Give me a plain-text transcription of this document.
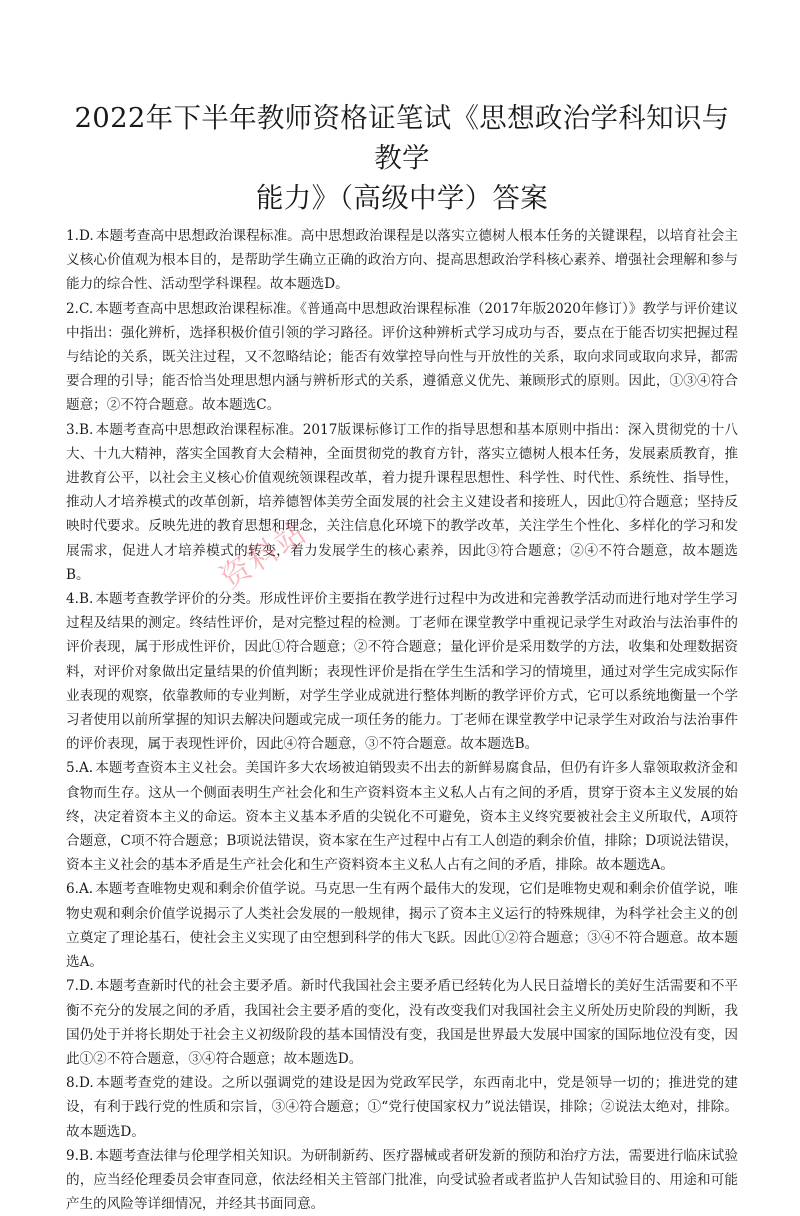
2022年下半年教师资格证笔试《思想政治学科知识与教学
能力》（高级中学）答案

1.D. 本题考查高中思想政治课程标准。高中思想政治课程是以落实立德树人根本任务的关键课程，以培育社会主义核心价值观为根本目的，是帮助学生确立正确的政治方向、提高思想政治学科核心素养、增强社会理解和参与能力的综合性、活动型学科课程。故本题选D。

2.C. 本题考查高中思想政治课程标准。《普通高中思想政治课程标准（2017年版2020年修订）》教学与评价建议中指出：强化辨析，选择积极价值引领的学习路径。评价这种辨析式学习成功与否，要点在于能否切实把握过程与结论的关系，既关注过程，又不忽略结论；能否有效掌控导向性与开放性的关系，取向求同或取向求异，都需要合理的引导；能否恰当处理思想内涵与辨析形式的关系，遵循意义优先、兼顾形式的原则。因此，①③④符合题意；②不符合题意。故本题选C。

3.B. 本题考查高中思想政治课程标准。2017版课标修订工作的指导思想和基本原则中指出：深入贯彻党的十八大、十九大精神，落实全国教育大会精神，全面贯彻党的教育方针，落实立德树人根本任务，发展素质教育，推进教育公平，以社会主义核心价值观统领课程改革，着力提升课程思想性、科学性、时代性、系统性、指导性，推动人才培养模式的改革创新，培养德智体美劳全面发展的社会主义建设者和接班人，因此①符合题意；坚持反映时代要求。反映先进的教育思想和理念，关注信息化环境下的教学改革，关注学生个性化、多样化的学习和发展需求，促进人才培养模式的转变，着力发展学生的核心素养，因此③符合题意；②④不符合题意，故本题选B。

4.B. 本题考查教学评价的分类。形成性评价主要指在教学进行过程中为改进和完善教学活动而进行地对学生学习过程及结果的测定。终结性评价，是对完整过程的检测。丁老师在课堂教学中重视记录学生对政治与法治事件的评价表现，属于形成性评价，因此①符合题意；②不符合题意；量化评价是采用数学的方法，收集和处理数据资料，对评价对象做出定量结果的价值判断；表现性评价是指在学生生活和学习的情境里，通过对学生完成实际作业表现的观察，依靠教师的专业判断，对学生学业成就进行整体判断的教学评价方式，它可以系统地衡量一个学习者使用以前所掌握的知识去解决问题或完成一项任务的能力。丁老师在课堂教学中记录学生对政治与法治事件的评价表现，属于表现性评价，因此④符合题意，③不符合题意。故本题选B。

5.A. 本题考查资本主义社会。美国许多大农场被迫销毁卖不出去的新鲜易腐食品，但仍有许多人靠领取救济金和食物而生存。这从一个侧面表明生产社会化和生产资料资本主义私人占有之间的矛盾，贯穿于资本主义发展的始终，决定着资本主义的命运。资本主义基本矛盾的尖锐化不可避免，资本主义终究要被社会主义所取代，A项符合题意，C项不符合题意；B项说法错误，资本家在生产过程中占有工人创造的剩余价值，排除；D项说法错误，资本主义社会的基本矛盾是生产社会化和生产资料资本主义私人占有之间的矛盾，排除。故本题选A。

6.A. 本题考查唯物史观和剩余价值学说。马克思一生有两个最伟大的发现，它们是唯物史观和剩余价值学说，唯物史观和剩余价值学说揭示了人类社会发展的一般规律，揭示了资本主义运行的特殊规律，为科学社会主义的创立奠定了理论基石，使社会主义实现了由空想到科学的伟大飞跃。因此①②符合题意；③④不符合题意。故本题选A。

7.D. 本题考查新时代的社会主要矛盾。新时代我国社会主要矛盾已经转化为人民日益增长的美好生活需要和不平衡不充分的发展之间的矛盾，我国社会主要矛盾的变化，没有改变我们对我国社会主义所处历史阶段的判断，我国仍处于并将长期处于社会主义初级阶段的基本国情没有变，我国是世界最大发展中国家的国际地位没有变，因此①②不符合题意，③④符合题意；故本题选D。

8.D. 本题考查党的建设。之所以强调党的建设是因为党政军民学，东西南北中，党是领导一切的；推进党的建设，有利于践行党的性质和宗旨，③④符合题意；①“党行使国家权力”说法错误，排除；②说法太绝对，排除。故本题选D。

9.B. 本题考查法律与伦理学相关知识。为研制新药、医疗器械或者研发新的预防和治疗方法，需要进行临床试验的，应当经伦理委员会审查同意，依法经相关主管部门批准，向受试验者或者监护人告知试验目的、用途和可能产生的风险等详细情况，并经其书面同意。

资料站
